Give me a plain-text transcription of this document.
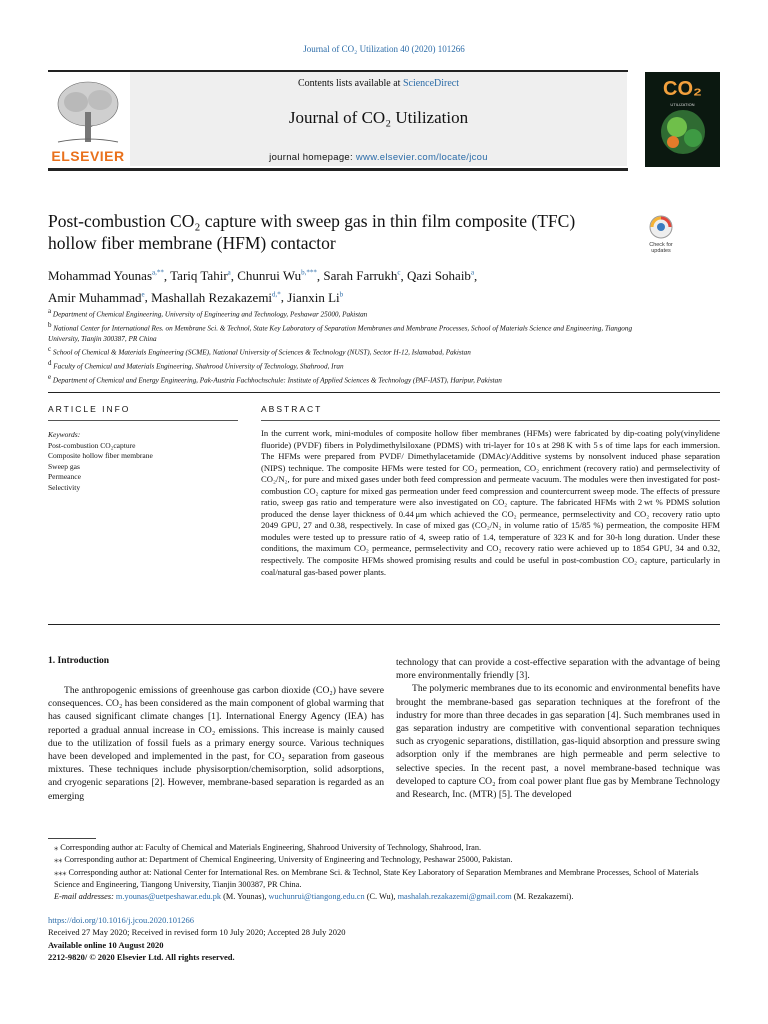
Journal of CO₂ Utilization 40 (2020) 101266
ELSEVIER
Contents lists available at ScienceDirect
Journal of CO₂ Utilization
journal homepage: www.elsevier.com/locate/jcou
CO₂
UTILIZATION
Post-combustion CO₂ capture with sweep gas in thin film composite (TFC) hollow fiber membrane (HFM) contactor	Check for updates
Mohammad Younas$^{a,**}$, Tariq Tahir$^a$, Chunrui $Wu^{b,***}$, Sarah Farrukh$^c$, Qazi Sohaib$^a$,
Amir Muhammad$^e$, Mashallah Rezakazemi$^{d,*}$, Jianxin Li$^b$
$^a$ Department of Chemical Engineering, University of Engineering and Technology, Peshawar 25000, Pakistan
$^b$ National Center for International Res. on Membrane Sci. & Technol, State Key Laboratory of Separation Membranes and Membrane Processes, School of Materials Science and Engineering, Tiangong University, Tianjin 300387, PR China
$^c$ School of Chemical & Materials Engineering (SCME), National University of Sciences & Technology (NUST), Sector H-12, Islamabad, Pakistan
$^d$ Faculty of Chemical and Materials Engineering, Shahrood University of Technology, Shahrood, Iran
$^e$ Department of Chemical and Energy Engineering, Pak-Austria Fachhochschule: Institute of Applied Sciences & Technology (PAF-IAST), Haripur, Pakistan
ARTICLE INFO	ABSTRACT
Keywords:
Post-combustion CO₂capture
Composite hollow fiber membrane
Sweep gas
Permeance
Selectivity
In the current work, mini-modules of composite hollow fiber membranes (HFMs) were fabricated by dip-coating poly(vinylidene fluoride) (PVDF) fibers in Polydimethylsiloxane (PDMS) with tri-layer for 10 s at 298 K with 5 s of time laps for each immersion. The HFMs were prepared from PVDF/ Dimethylacetamide (DMAc)/Additive systems by nonsolvent induced phase separation (NIPS) technique. The composite HFMs were tested for CO₂ permeation, CO₂ enrichment (recovery ratio) and permselectivity of CO₂/N₂, for pure and mixed gases under both feed compression and permeate vacuum. The modules were then investigated for post-combustion CO₂ capture for mixed gas permeation under feed compression and countercurrent sweep mode. The effects of pressure ratio, sweep gas ratio and temperature were also investigated on CO₂ capture. The fabricated HFMs with 2 wt % PDMS solution produced the dense layer thickness of 0.44 μm which achieved the CO₂ permeance, permselectivity and CO₂ recovery ratio upto 2049 GPU, 27 and 0.38, respectively. In case of mixed gas (CO₂/N₂ in volume ratio of 15/85 %) permeation, the composite HFM modules were tested up to pressure ratio of 4, sweep ratio of 1.4, temperature of 323 K and for 30-h long duration. Under these conditions, the maximum CO₂ permeance, permselectivity and CO₂ recovery ratio were achieved up to 1854 GPU, 34 and 0.32, respectively. The composite HFMs showed promising results and could be useful in post-combustion CO₂ capture, particularly in coal/natural gas-based power plants.
1. Introduction
The anthropogenic emissions of greenhouse gas carbon dioxide (CO₂) have severe consequences. CO₂ has been considered as the main component of global warming that has caused significant climate changes [1]. International Energy Agency (IEA) has reported a gradual annual increase in CO₂ emissions. This increase is mainly caused due to the utilization of fossil fuels as a primary energy source. Various techniques have been developed and implemented in the past, for CO₂ separation from gaseous mixtures. These techniques include physisorption/chemisorption, solid adsorptions, and cryogenic separations [2]. However, membrane-based separation is regarded as an emerging
technology that can provide a cost-effective separation with the advantage of being more environmentally friendly [3].
The polymeric membranes due to its economic and environmental benefits have brought the membrane-based gas separation techniques at the forefront of the industry for more than three decades in gas separation [4]. Such membranes used in gas separation industry are competitive with conventional separation techniques such as cryogenic separations, distillation, gas-liquid absorption and pressure swing adsorption only if the membranes are high permeable and perm selective to selective species. In the recent past, a novel membrane-based technique was developed to capture CO₂ from coal power plant flue gas by Membrane Technology and Research, Inc. (MTR) [5]. The developed
⁎ Corresponding author at: Faculty of Chemical and Materials Engineering, Shahrood University of Technology, Shahrood, Iran.
⁎⁎ Corresponding author at: Department of Chemical Engineering, University of Engineering and Technology, Peshawar 25000, Pakistan.
⁎⁎⁎ Corresponding author at: National Center for International Res. on Membrane Sci. & Technol, State Key Laboratory of Separation Membranes and Membrane Processes, School of Materials Science and Engineering, Tiangong University, Tianjin 300387, PR China.
E-mail addresses: m.younas@uetpeshawar.edu.pk (M. Younas), wuchunrui@tiangong.edu.cn (C. Wu), mashalah.rezakazemi@gmail.com (M. Rezakazemi).
https://doi.org/10.1016/j.jcou.2020.101266
Received 27 May 2020; Received in revised form 10 July 2020; Accepted 28 July 2020
Available online 10 August 2020
2212-9820/ © 2020 Elsevier Ltd. All rights reserved.
